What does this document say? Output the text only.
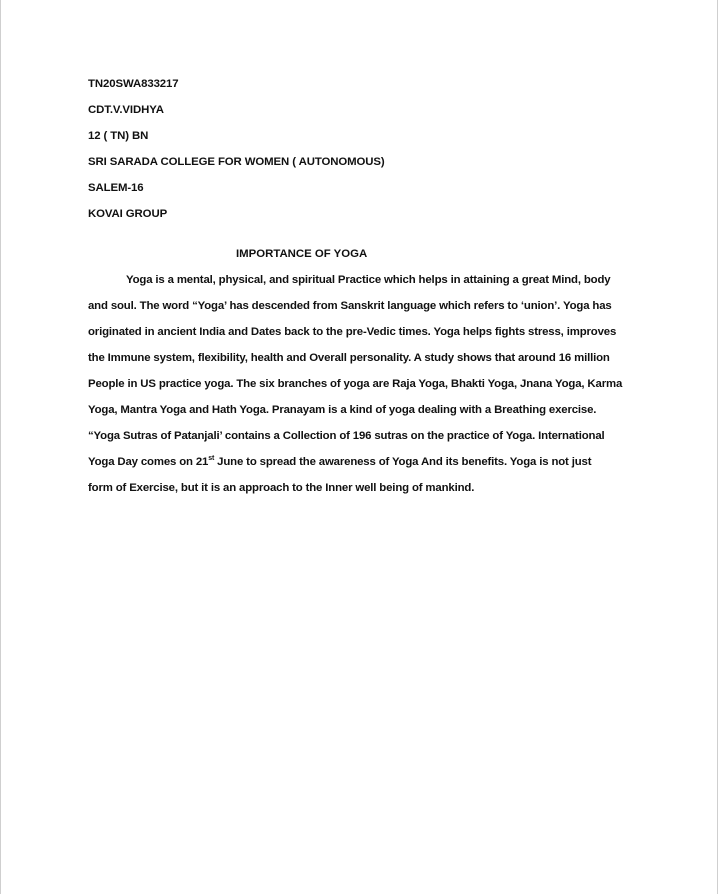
TN20SWA833217
CDT.V.VIDHYA
12 ( TN) BN
SRI SARADA COLLEGE FOR WOMEN ( AUTONOMOUS)
SALEM-16
KOVAI GROUP
IMPORTANCE OF YOGA
Yoga is a mental, physical, and spiritual Practice which helps in attaining a great Mind, body
and soul. The word “Yoga’ has descended from Sanskrit language which refers to ‘union’. Yoga has
originated in ancient India and Dates back to the pre-Vedic times. Yoga helps fights stress, improves
the Immune system, flexibility, health and Overall personality. A study shows that around 16 million
People in US practice yoga. The six branches of yoga are Raja Yoga, Bhakti Yoga, Jnana Yoga, Karma
Yoga, Mantra Yoga and Hath Yoga. Pranayam is a kind of yoga dealing with a Breathing exercise.
“Yoga Sutras of Patanjali’ contains a Collection of 196 sutras on the practice of Yoga. International
Yoga Day comes on 21st June to spread the awareness of Yoga And its benefits. Yoga is not just
form of Exercise, but it is an approach to the Inner well being of mankind.
